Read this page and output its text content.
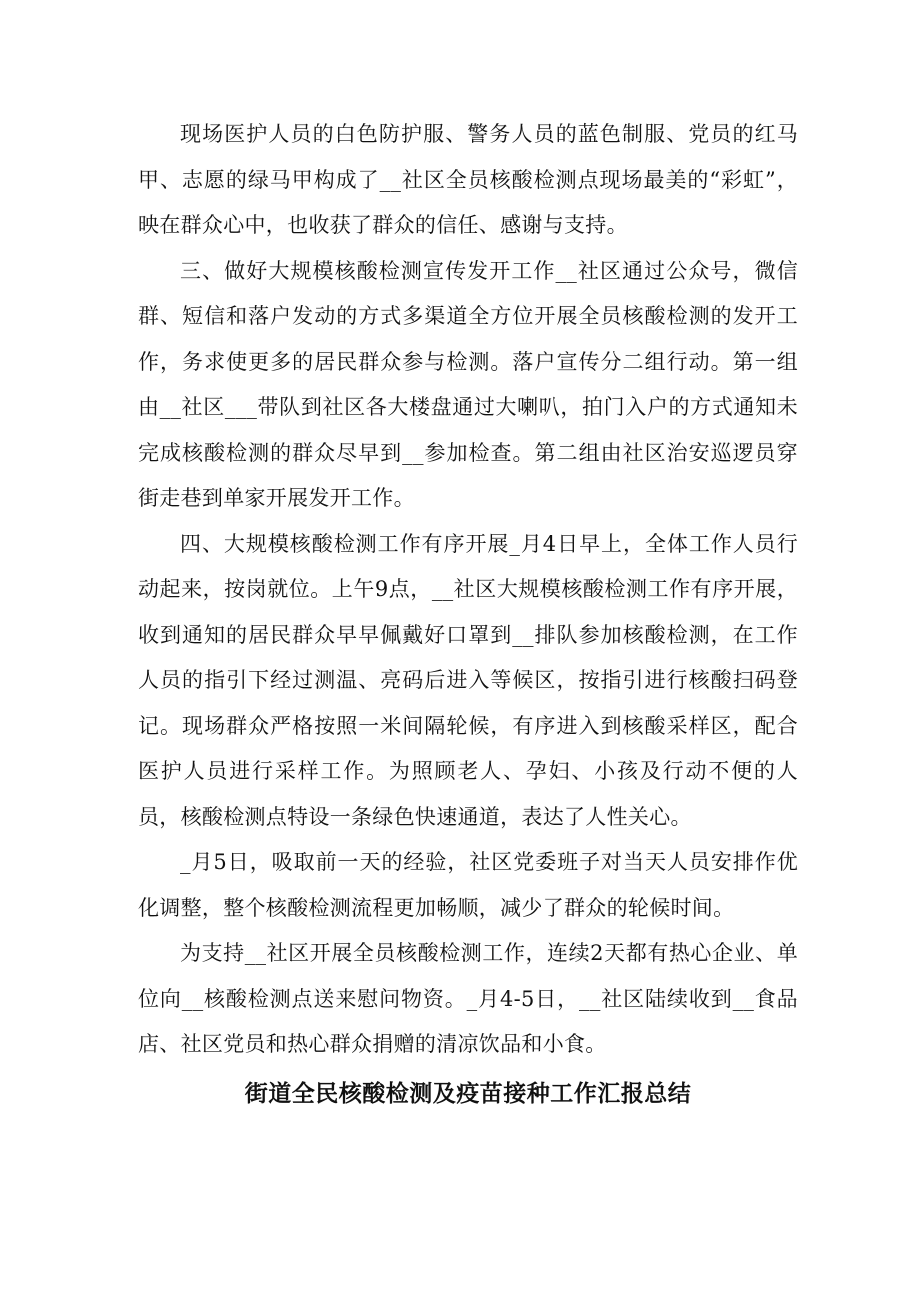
现场医护人员的白色防护服、警务人员的蓝色制服、党员的红马甲、志愿的绿马甲构成了__社区全员核酸检测点现场最美的“彩虹”，映在群众心中，也收获了群众的信任、感谢与支持。

三、做好大规模核酸检测宣传发开工作__社区通过公众号，微信群、短信和落户发动的方式多渠道全方位开展全员核酸检测的发开工作，务求使更多的居民群众参与检测。落户宣传分二组行动。第一组由__社区___带队到社区各大楼盘通过大喇叭，拍门入户的方式通知未完成核酸检测的群众尽早到__参加检查。第二组由社区治安巡逻员穿街走巷到单家开展发开工作。

四、大规模核酸检测工作有序开展_月4日早上，全体工作人员行动起来，按岗就位。上午9点，__社区大规模核酸检测工作有序开展，收到通知的居民群众早早佩戴好口罩到__排队参加核酸检测，在工作人员的指引下经过测温、亮码后进入等候区，按指引进行核酸扫码登记。现场群众严格按照一米间隔轮候，有序进入到核酸采样区，配合医护人员进行采样工作。为照顾老人、孕妇、小孩及行动不便的人员，核酸检测点特设一条绿色快速通道，表达了人性关心。

_月5日，吸取前一天的经验，社区党委班子对当天人员安排作优化调整，整个核酸检测流程更加畅顺，减少了群众的轮候时间。

为支持__社区开展全员核酸检测工作，连续2天都有热心企业、单位向__核酸检测点送来慰问物资。_月4-5日，__社区陆续收到__食品店、社区党员和热心群众捐赠的清凉饮品和小食。

街道全民核酸检测及疫苗接种工作汇报总结
